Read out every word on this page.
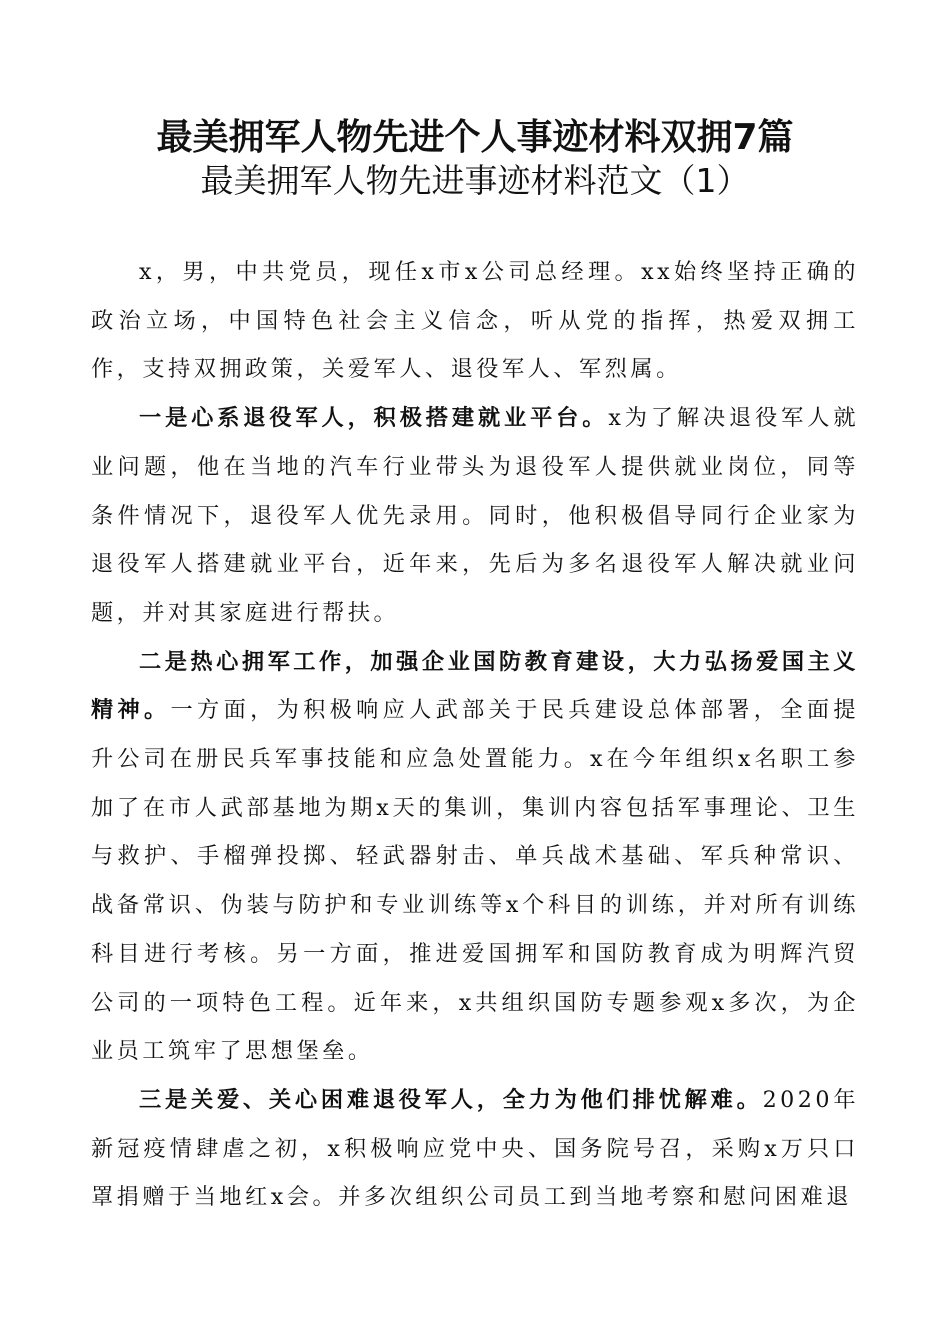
最美拥军人物先进个人事迹材料双拥7篇
最美拥军人物先进事迹材料范文（1）

x，男，中共党员，现任x市x公司总经理。xx始终坚持正确的政治立场，中国特色社会主义信念，听从党的指挥，热爱双拥工作，支持双拥政策，关爱军人、退役军人、军烈属。

一是心系退役军人，积极搭建就业平台。x为了解决退役军人就业问题，他在当地的汽车行业带头为退役军人提供就业岗位，同等条件情况下，退役军人优先录用。同时，他积极倡导同行企业家为退役军人搭建就业平台，近年来，先后为多名退役军人解决就业问题，并对其家庭进行帮扶。

二是热心拥军工作，加强企业国防教育建设，大力弘扬爱国主义精神。一方面，为积极响应人武部关于民兵建设总体部署，全面提升公司在册民兵军事技能和应急处置能力。x在今年组织x名职工参加了在市人武部基地为期x天的集训，集训内容包括军事理论、卫生与救护、手榴弹投掷、轻武器射击、单兵战术基础、军兵种常识、战备常识、伪装与防护和专业训练等x个科目的训练，并对所有训练科目进行考核。另一方面，推进爱国拥军和国防教育成为明辉汽贸公司的一项特色工程。近年来，x共组织国防专题参观x多次，为企业员工筑牢了思想堡垒。

三是关爱、关心困难退役军人，全力为他们排忧解难。2020年新冠疫情肆虐之初，x积极响应党中央、国务院号召，采购x万只口罩捐赠于当地红x会。并多次组织公司员工到当地考察和慰问困难退
